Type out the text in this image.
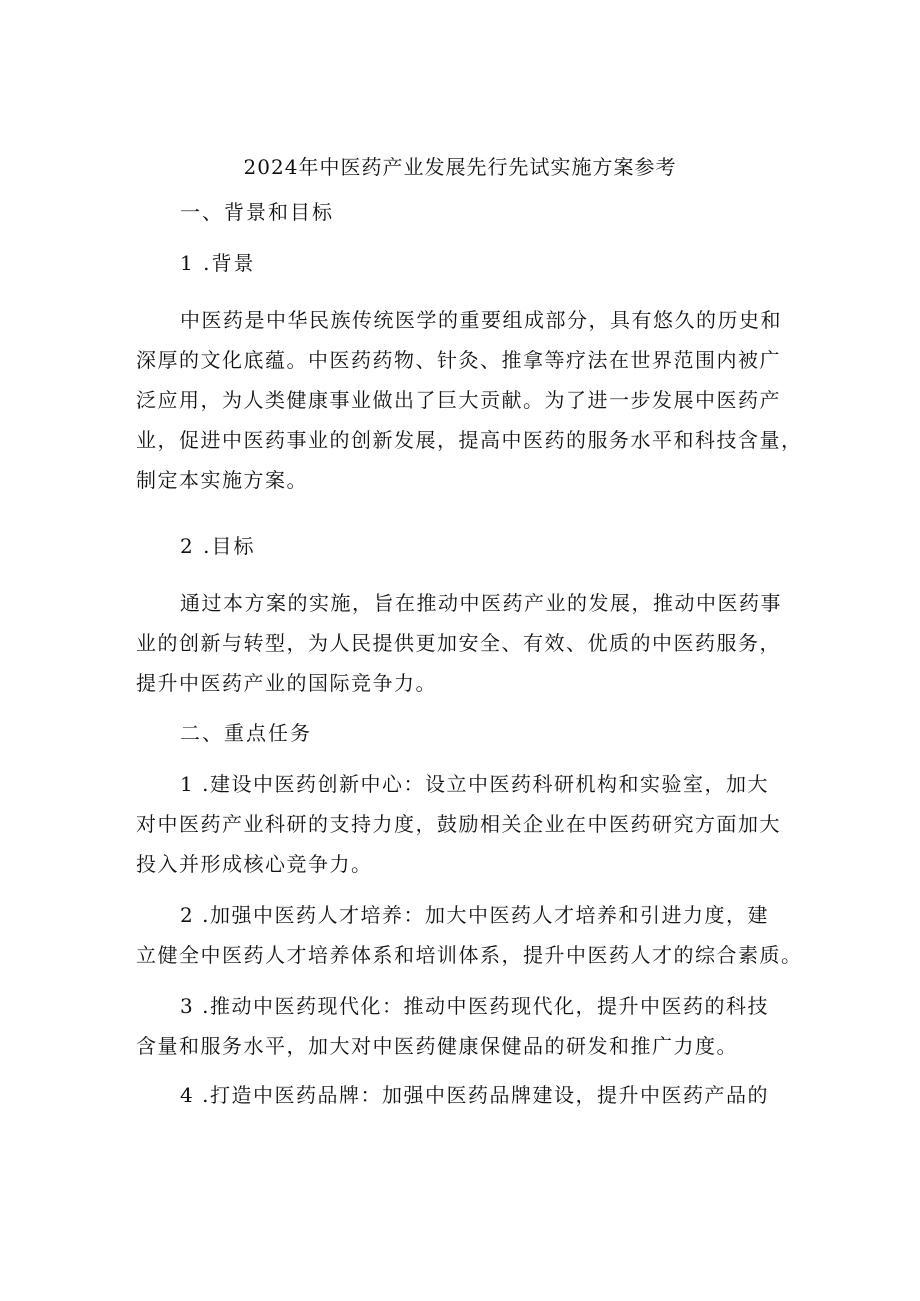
2024年中医药产业发展先行先试实施方案参考
一、背景和目标
1 .背景
中医药是中华民族传统医学的重要组成部分，具有悠久的历史和
深厚的文化底蕴。中医药药物、针灸、推拿等疗法在世界范围内被广
泛应用，为人类健康事业做出了巨大贡献。为了进一步发展中医药产
业，促进中医药事业的创新发展，提高中医药的服务水平和科技含量，
制定本实施方案。
2 .目标
通过本方案的实施，旨在推动中医药产业的发展，推动中医药事
业的创新与转型，为人民提供更加安全、有效、优质的中医药服务，
提升中医药产业的国际竞争力。
二、重点任务
1 .建设中医药创新中心：设立中医药科研机构和实验室，加大
对中医药产业科研的支持力度，鼓励相关企业在中医药研究方面加大
投入并形成核心竞争力。
2 .加强中医药人才培养：加大中医药人才培养和引进力度，建
立健全中医药人才培养体系和培训体系，提升中医药人才的综合素质。
3 .推动中医药现代化：推动中医药现代化，提升中医药的科技
含量和服务水平，加大对中医药健康保健品的研发和推广力度。
4 .打造中医药品牌：加强中医药品牌建设，提升中医药产品的
